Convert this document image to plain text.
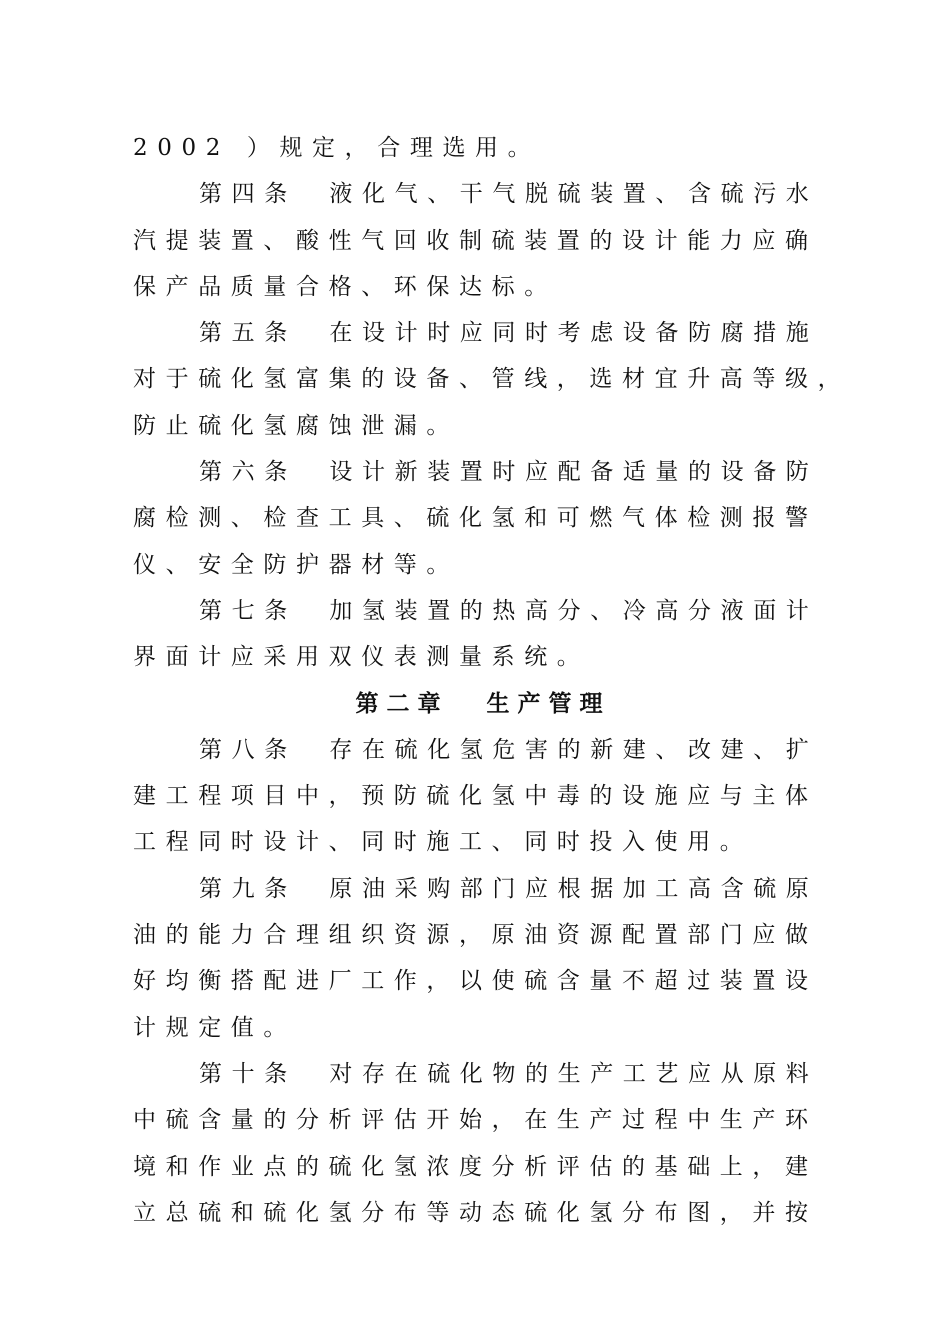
2002 ）规定，合理选用。
第四条　液化气、干气脱硫装置、含硫污水
汽提装置、酸性气回收制硫装置的设计能力应确
保产品质量合格、环保达标。
第五条　在设计时应同时考虑设备防腐措施
对于硫化氢富集的设备、管线，选材宜升高等级，
防止硫化氢腐蚀泄漏。
第六条　设计新装置时应配备适量的设备防
腐检测、检查工具、硫化氢和可燃气体检测报警
仪、安全防护器材等。
第七条　加氢装置的热高分、冷高分液面计
界面计应采用双仪表测量系统。
第二章 生产管理
第八条　存在硫化氢危害的新建、改建、扩
建工程项目中，预防硫化氢中毒的设施应与主体
工程同时设计、同时施工、同时投入使用。
第九条　原油采购部门应根据加工高含硫原
油的能力合理组织资源，原油资源配置部门应做
好均衡搭配进厂工作，以使硫含量不超过装置设
计规定值。
第十条　对存在硫化物的生产工艺应从原料
中硫含量的分析评估开始，在生产过程中生产环
境和作业点的硫化氢浓度分析评估的基础上，建
立总硫和硫化氢分布等动态硫化氢分布图，并按
